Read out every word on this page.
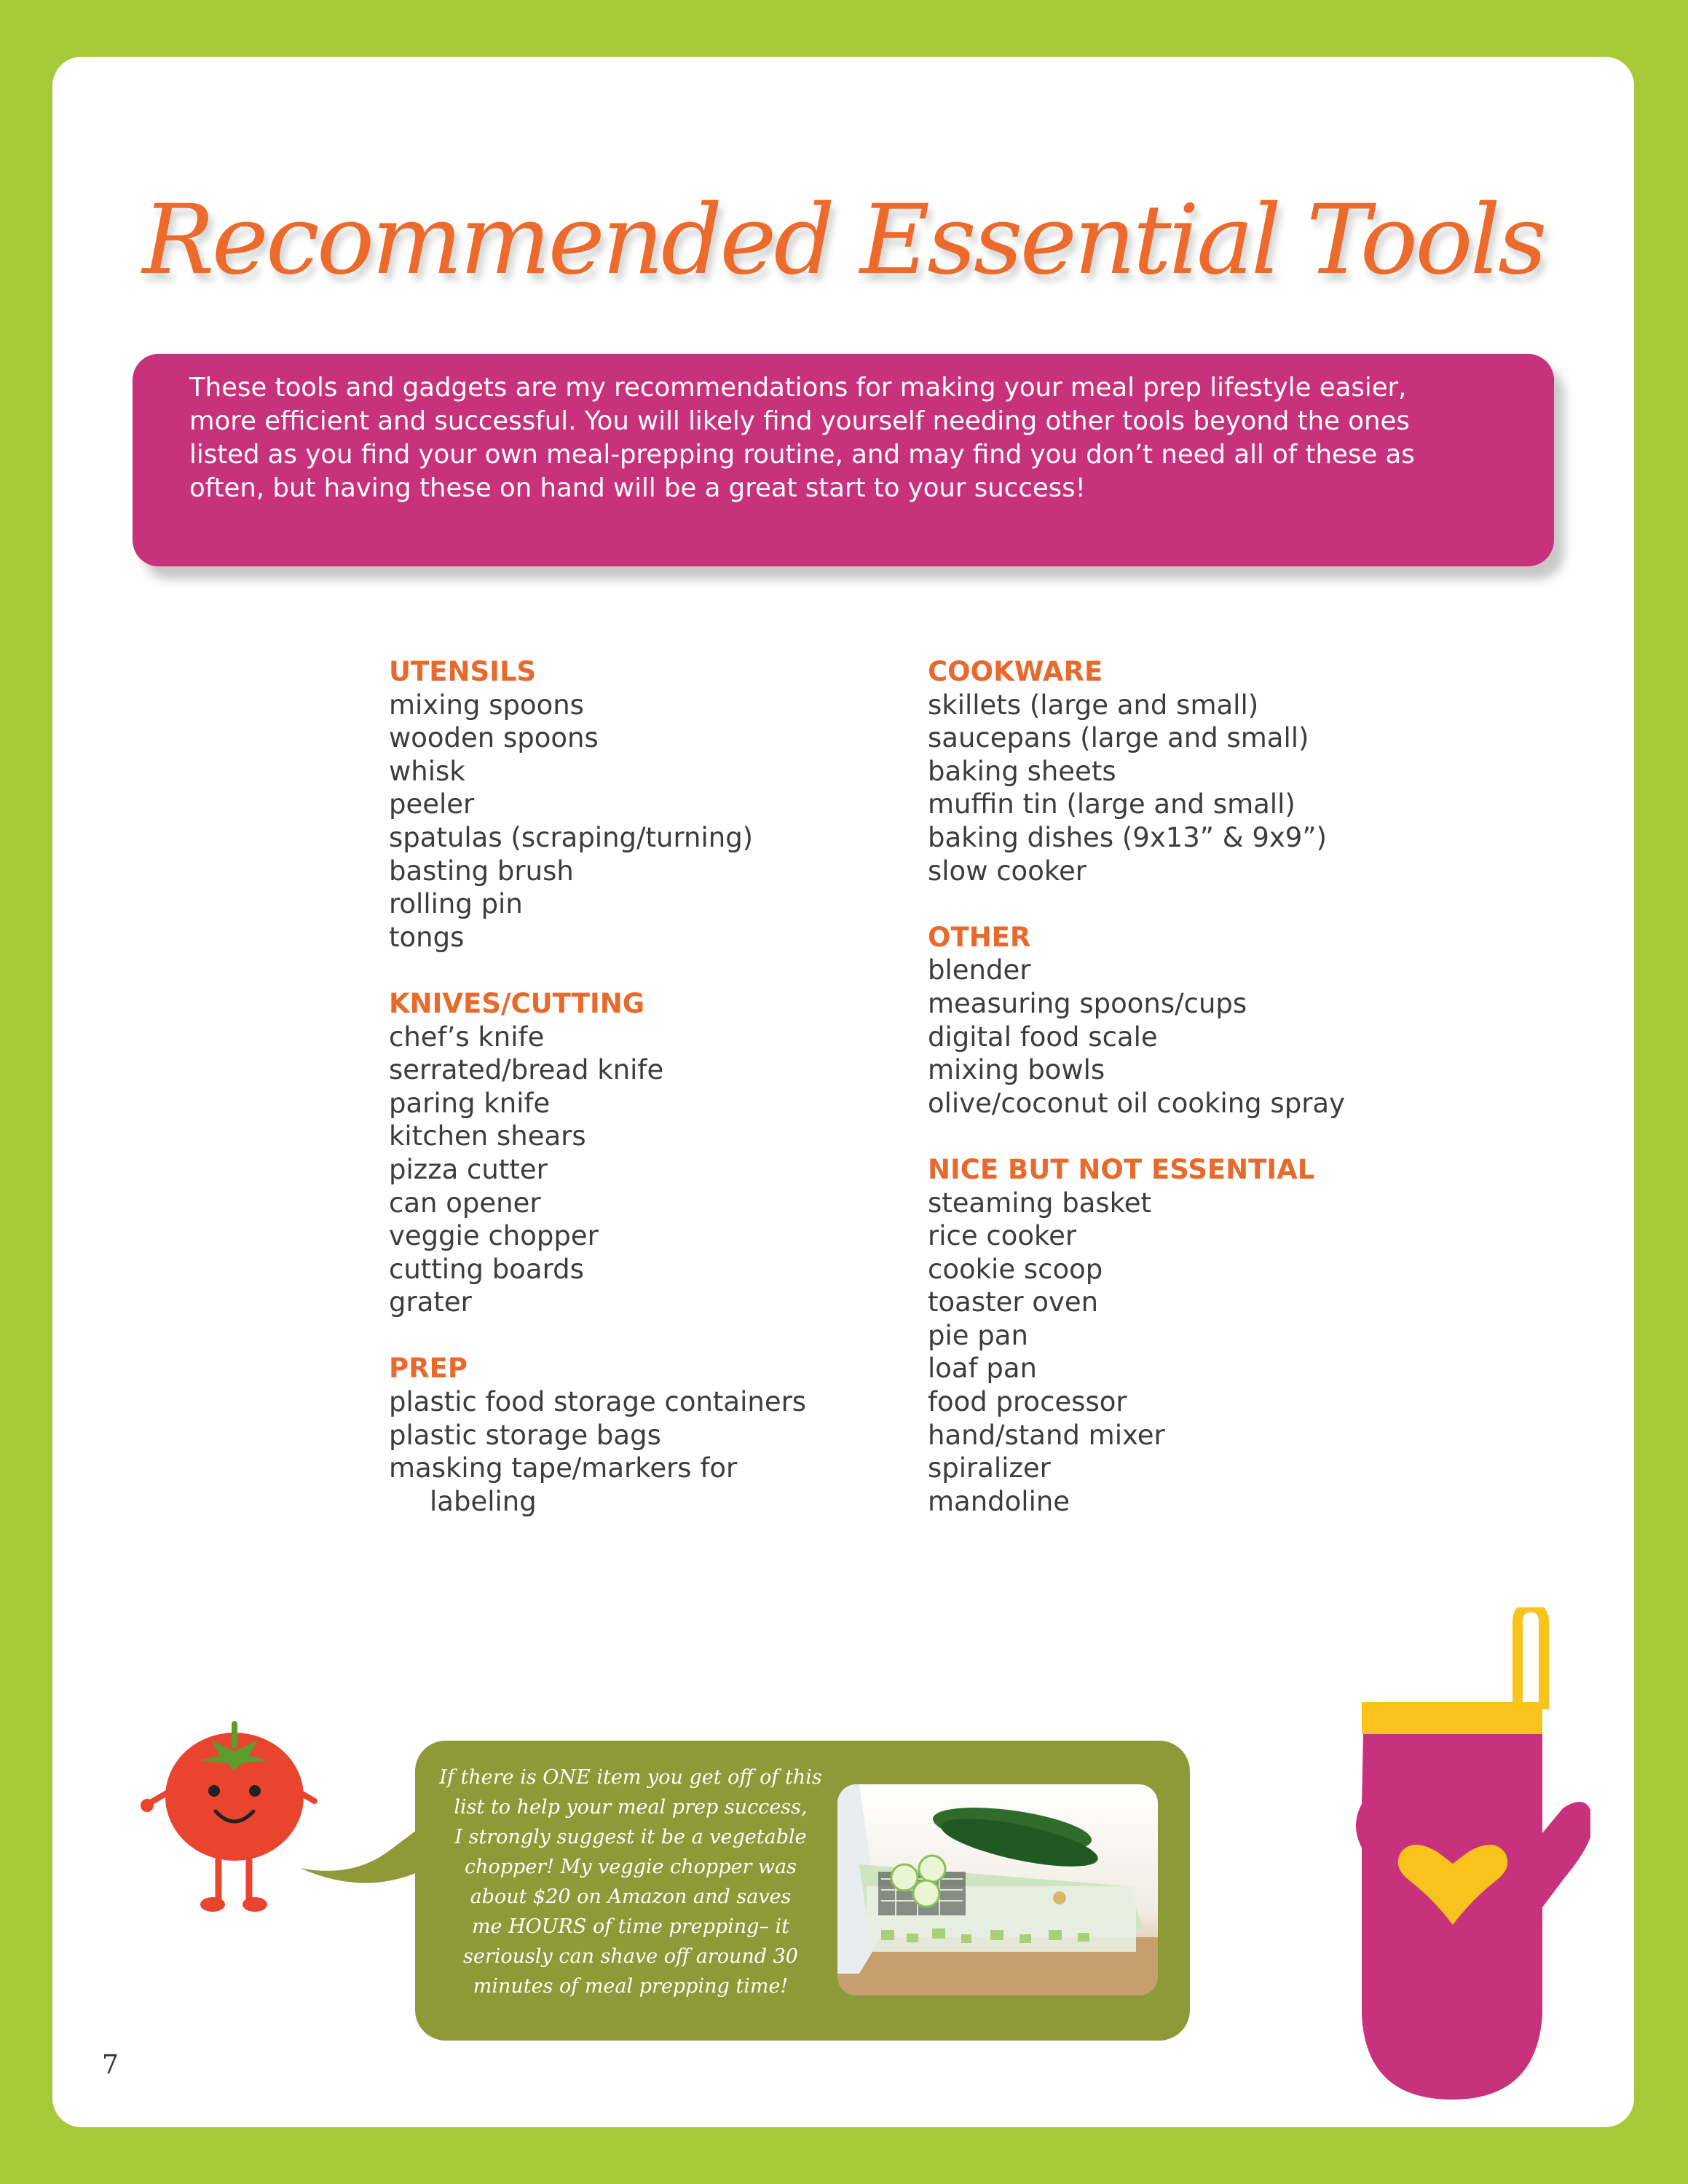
Recommended Essential Tools
These tools and gadgets are my recommendations for making your meal prep lifestyle easier, more efficient and successful. You will likely find yourself needing other tools beyond the ones listed as you find your own meal-prepping routine, and may find you don’t need all of these as often, but having these on hand will be a great start to your success!
UTENSILS
mixing spoons
wooden spoons
whisk
peeler
spatulas (scraping/turning)
basting brush
rolling pin
tongs
KNIVES/CUTTING
chef’s knife
serrated/bread knife
paring knife
kitchen shears
pizza cutter
can opener
veggie chopper
cutting boards
grater
PREP
plastic food storage containers
plastic storage bags
masking tape/markers for
labeling
COOKWARE
skillets (large and small)
saucepans (large and small)
baking sheets
muffin tin (large and small)
baking dishes (9x13” & 9x9”)
slow cooker
OTHER
blender
measuring spoons/cups
digital food scale
mixing bowls
olive/coconut oil cooking spray
NICE BUT NOT ESSENTIAL
steaming basket
rice cooker
cookie scoop
toaster oven
pie pan
loaf pan
food processor
hand/stand mixer
spiralizer
mandoline
If there is ONE item you get off of this
list to help your meal prep success,
I strongly suggest it be a vegetable
chopper! My veggie chopper was
about $20 on Amazon and saves
me HOURS of time prepping– it
seriously can shave off around 30
minutes of meal prepping time!
7
